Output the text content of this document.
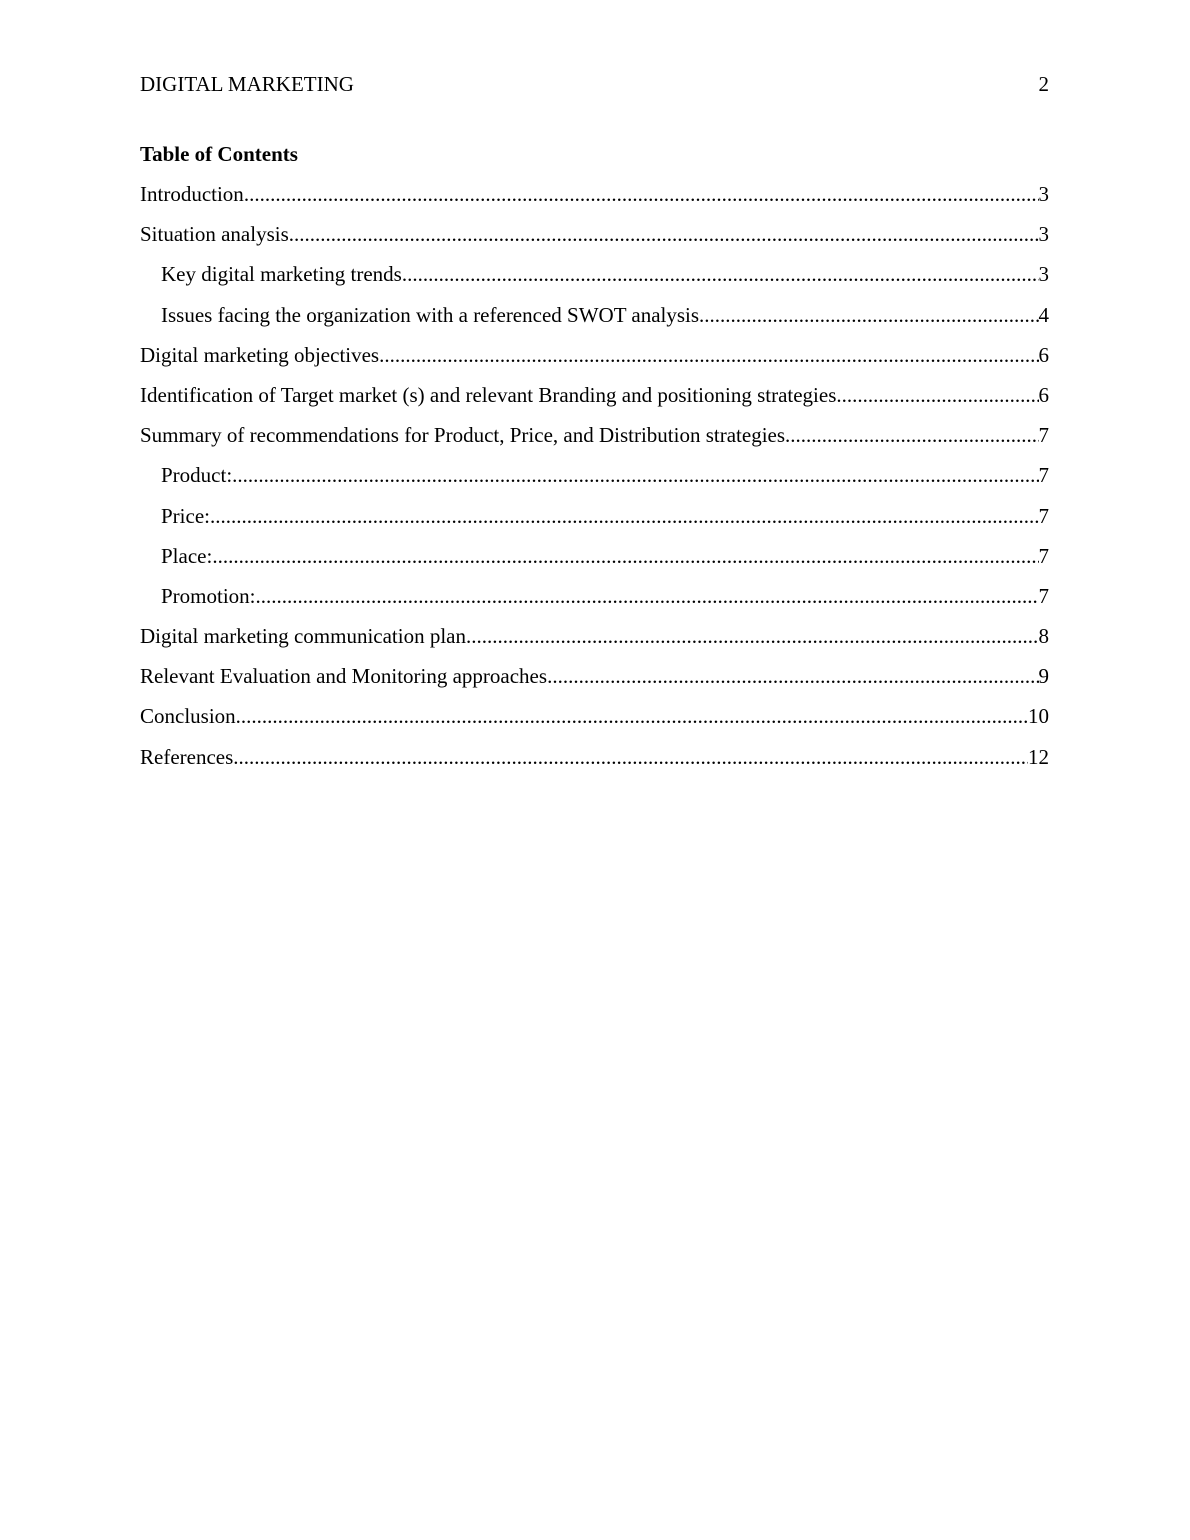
DIGITAL MARKETING	2
Table of Contents
Introduction .....	3
Situation analysis .....	3
Key digital marketing trends .....	3
Issues facing the organization with a referenced SWOT analysis .....	4
Digital marketing objectives .....	6
Identification of Target market (s) and relevant Branding and positioning strategies .....	6
Summary of recommendations for Product, Price, and Distribution strategies .....	7
Product: .....	7
Price: .....	7
Place: .....	7
Promotion: .....	7
Digital marketing communication plan .....	8
Relevant Evaluation and Monitoring approaches .....	9
Conclusion .....	10
References .....	12
